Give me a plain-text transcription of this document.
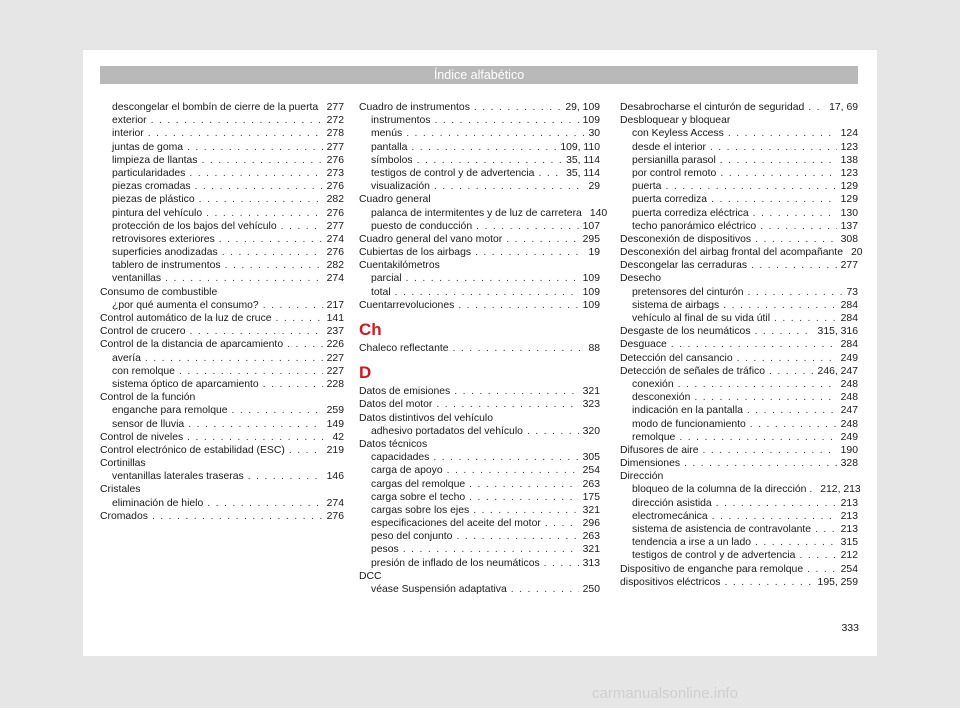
Índice alfabético
descongelar el bombín de cierre de la puerta . . . 277
exterior . . .	272
interior . . .	278
juntas de goma . . .	277
limpieza de llantas . . .	276
particularidades . . .	273
piezas cromadas . . .	276
piezas de plástico . . .	282
pintura del vehículo . . .	276
protección de los bajos del vehículo . . .	277
retrovisores exteriores . . .	274
superficies anodizadas . . .	276
tablero de instrumentos . . .	282
ventanillas . . .	274
Consumo de combustible
¿por qué aumenta el consumo? . . .	217
Control automático de la luz de cruce . . .	141
Control de crucero . . .	237
Control de la distancia de aparcamiento . . .	226
avería . . .	227
con remolque . . .	227
sistema óptico de aparcamiento . . .	228
Control de la función
enganche para remolque . . .	259
sensor de lluvia . . .	149
Control de niveles . . .	42
Control electrónico de estabilidad (ESC) . . .	219
Cortinillas
ventanillas laterales traseras . . .	146
Cristales
eliminación de hielo . . .	274
Cromados . . .	276
Cuadro de instrumentos . . .	29, 109
instrumentos . . .	109
menús . . .	30
pantalla . . .	109, 110
símbolos . . .	35, 114
testigos de control y de advertencia . . .	35, 114
visualización . . .	29
Cuadro general
palanca de intermitentes y de luz de carretera 140
puesto de conducción . . .	107
Cuadro general del vano motor . . .	295
Cubiertas de los airbags . . .	19
Cuentakilómetros
parcial . . .	109
total . . .	109
Cuentarrevoluciones . . .	109
Ch
Chaleco reflectante . . .	88
D
Datos de emisiones . . .	321
Datos del motor . . .	323
Datos distintivos del vehículo
adhesivo portadatos del vehículo . . .	320
Datos técnicos
capacidades . . .	305
carga de apoyo . . .	254
cargas del remolque . . .	263
carga sobre el techo . . .	175
cargas sobre los ejes . . .	321
especificaciones del aceite del motor . . .	296
peso del conjunto . . .	263
pesos . . .	321
presión de inflado de los neumáticos . . .	313
DCC
véase Suspensión adaptativa . . .	250
Desabrocharse el cinturón de seguridad . . . 17, 69
Desbloquear y bloquear
con Keyless Access . . .	124
desde el interior . . .	123
persianilla parasol . . .	138
por control remoto . . .	123
puerta . . .	129
puerta corrediza . . .	129
puerta corrediza eléctrica . . .	130
techo panorámico eléctrico . . .	137
Desconexión de dispositivos . . .	308
Desconexión del airbag frontal del acompañante 20
Descongelar las cerraduras . . .	277
Desecho
pretensores del cinturón . . .	73
sistema de airbags . . .	284
vehículo al final de su vida útil . . .	284
Desgaste de los neumáticos . . .	315, 316
Desguace . . .	284
Detección del cansancio . . .	249
Detección de señales de tráfico . . .	246, 247
conexión . . .	248
desconexión . . .	248
indicación en la pantalla . . .	247
modo de funcionamiento . . .	248
remolque . . .	249
Difusores de aire . . .	190
Dimensiones . . .	328
Dirección
bloqueo de la columna de la dirección . 212, 213
dirección asistida . . .	213
electromecánica . . .	213
sistema de asistencia de contravolante . . .	213
tendencia a irse a un lado . . .	315
testigos de control y de advertencia . . .	212
Dispositivo de enganche para remolque . . .	254
dispositivos eléctricos . . .	195, 259
333
carmanualsonline.info
